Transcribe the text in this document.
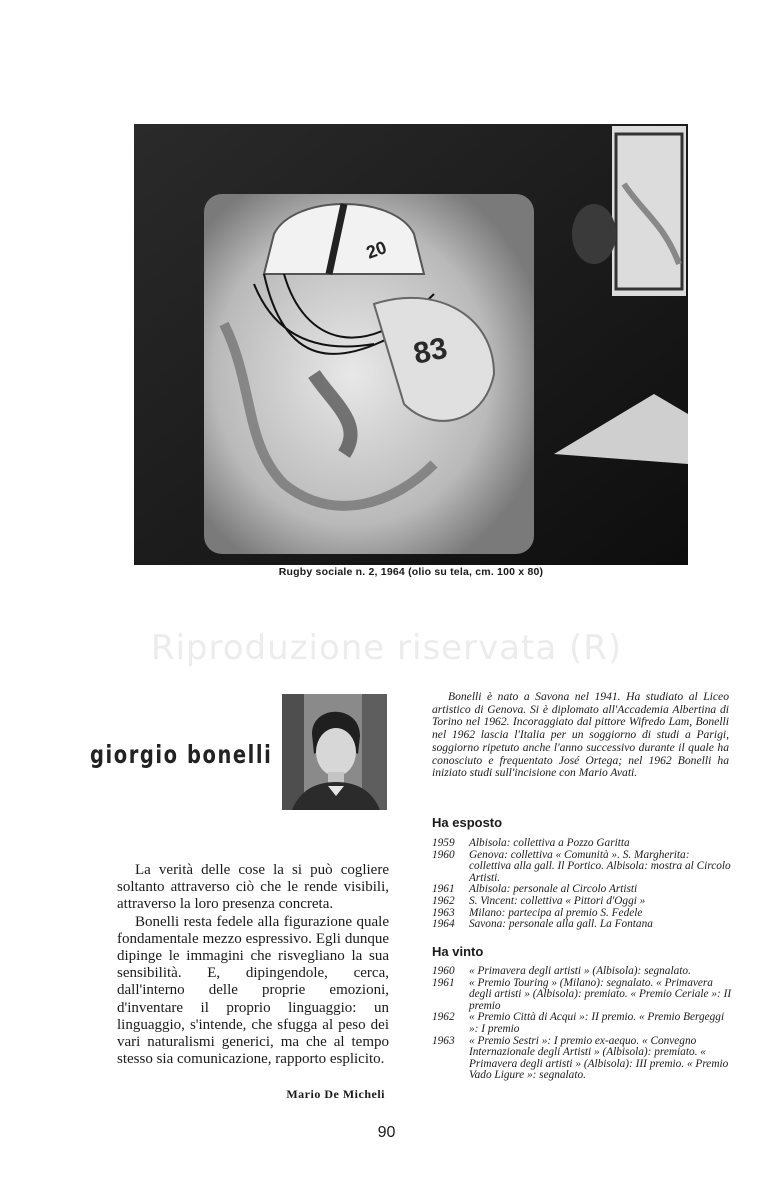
20
83
Rugby sociale n. 2, 1964 (olio su tela, cm. 100 x 80)
Riproduzione riservata (R)
giorgio bonelli

La verità delle cose la si può cogliere soltanto attraverso ciò che le rende visibili, attraverso la loro presenza concreta.

Bonelli resta fedele alla figurazione quale fondamentale mezzo espressivo. Egli dunque dipinge le immagini che risvegliano la sua sensibilità. E, dipingendole, cerca, dall'interno delle proprie emozioni, d'inventare il proprio linguaggio: un linguaggio, s'intende, che sfugga al peso dei vari naturalismi generici, ma che al tempo stesso sia comunicazione, rapporto esplicito.

Mario De Micheli

Bonelli è nato a Savona nel 1941. Ha studiato al Liceo artistico di Genova. Si è diplomato all'Accademia Albertina di Torino nel 1962. Incoraggiato dal pittore Wifredo Lam, Bonelli nel 1962 lascia l'Italia per un soggiorno di studi a Parigi, soggiorno ripetuto anche l'anno successivo durante il quale ha conosciuto e frequentato José Ortega; nel 1962 Bonelli ha iniziato studi sull'incisione con Mario Avati.

Ha esposto
1959	Albisola: collettiva a Pozzo Garitta
1960	Genova: collettiva « Comunità ». S. Margherita: collettiva alla gall. Il Portico. Albisola: mostra al Circolo Artisti.
1961	Albisola: personale al Circolo Artisti
1962	S. Vincent: collettiva « Pittori d'Oggi »
1963	Milano: partecipa al premio S. Fedele
1964	Savona: personale alla gall. La Fontana
Ha vinto
1960	« Primavera degli artisti » (Albisola): segnalato.
1961	« Premio Touring » (Milano): segnalato. « Primavera degli artisti » (Albisola): premiato. « Premio Ceriale »: II premio
1962	« Premio Città di Acqui »: II premio. « Premio Bergeggi »: I premio
1963	« Premio Sestri »: I premio ex-aequo. « Convegno Internazionale degli Artisti » (Albisola): premiato. « Primavera degli artisti » (Albisola): III premio. « Premio Vado Ligure »: segnalato.
90
